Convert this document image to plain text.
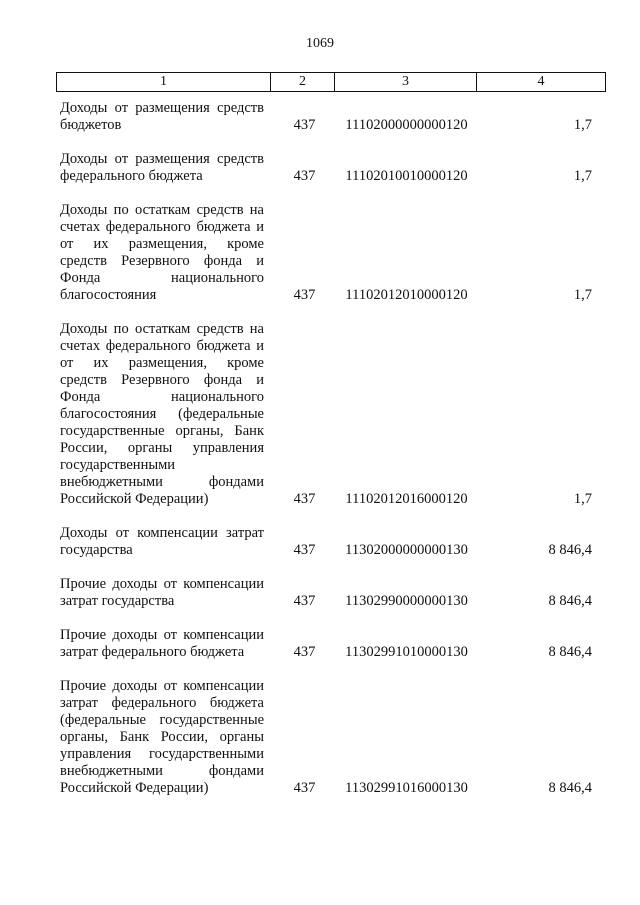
1069
1	2	3	4
Доходы от размещения средств бюджетов	437	11102000000000120	1,7
Доходы от размещения средств федерального бюджета	437	11102010010000120	1,7
Доходы по остаткам средств на счетах федерального бюджета и от их размещения, кроме средств Резервного фонда и Фонда национального благосостояния	437	11102012010000120	1,7
Доходы по остаткам средств на счетах федерального бюджета и от их размещения, кроме средств Резервного фонда и Фонда национального благосостояния (федеральные государственные органы, Банк России, органы управления государственными внебюджетными фондами Российской Федерации)	437	11102012016000120	1,7
Доходы от компенсации затрат государства	437	11302000000000130	8 846,4
Прочие доходы от компенсации затрат государства	437	11302990000000130	8 846,4
Прочие доходы от компенсации затрат федерального бюджета	437	11302991010000130	8 846,4
Прочие доходы от компенсации затрат федерального бюджета (федеральные государственные органы, Банк России, органы управления государственными внебюджетными фондами Российской Федерации)	437	11302991016000130	8 846,4
